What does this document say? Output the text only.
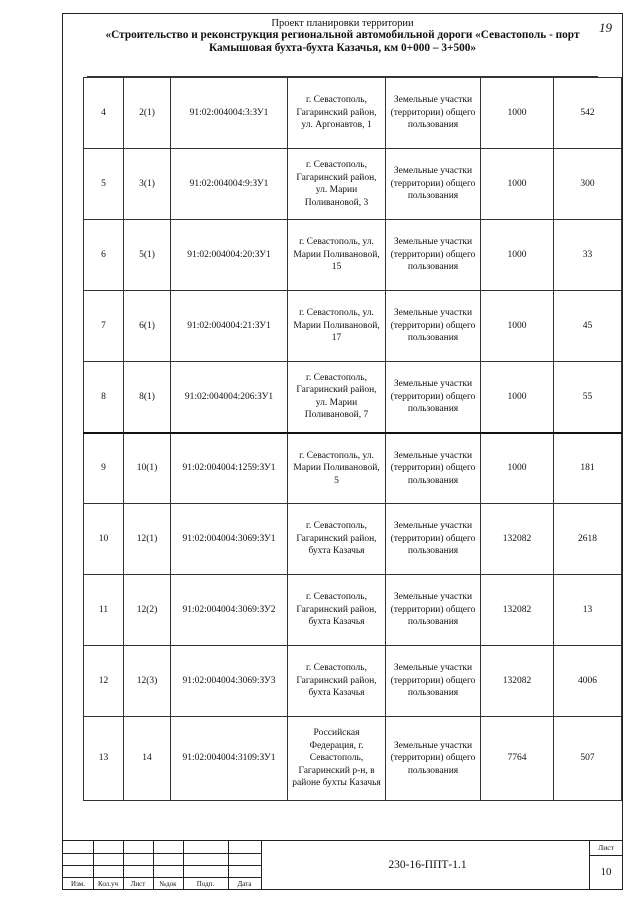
19
Проект планировки территории
«Строительство и реконструкция региональной автомобильной дороги «Севастополь - порт
Камышовая бухта-бухта Казачья, км 0+000 – 3+500»
4	2(1)	91:02:004004:3:ЗУ1	г. Севастополь, Гагаринский район, ул. Аргонавтов, 1	Земельные участки (территории) общего пользования	1000	542
5	3(1)	91:02:004004:9:ЗУ1	г. Севастополь, Гагаринский район, ул. Марии Поливановой, 3	Земельные участки (территории) общего пользования	1000	300
6	5(1)	91:02:004004:20:ЗУ1	г. Севастополь, ул. Марии Поливановой, 15	Земельные участки (территории) общего пользования	1000	33
7	6(1)	91:02:004004:21:ЗУ1	г. Севастополь, ул. Марии Поливановой, 17	Земельные участки (территории) общего пользования	1000	45
8	8(1)	91:02:004004:206:ЗУ1	г. Севастополь, Гагаринский район, ул. Марии Поливановой, 7	Земельные участки (территории) общего пользования	1000	55
9	10(1)	91:02:004004:1259:ЗУ1	г. Севастополь, ул. Марии Поливановой, 5	Земельные участки (территории) общего пользования	1000	181
10	12(1)	91:02:004004:3069:ЗУ1	г. Севастополь, Гагаринский район, бухта Казачья	Земельные участки (территории) общего пользования	132082	2618
11	12(2)	91:02:004004:3069:ЗУ2	г. Севастополь, Гагаринский район, бухта Казачья	Земельные участки (территории) общего пользования	132082	13
12	12(3)	91:02:004004:3069:ЗУ3	г. Севастополь, Гагаринский район, бухта Казачья	Земельные участки (территории) общего пользования	132082	4006
13	14	91:02:004004:3109:ЗУ1	Российская Федерация, г. Севастополь, Гагаринский р-н, в районе бухты Казачья	Земельные участки (территории) общего пользования	7764	507
Изм.	Кол.уч	Лист	№док	Подп.	Дата
230-16-ППТ-1.1
Лист
10
